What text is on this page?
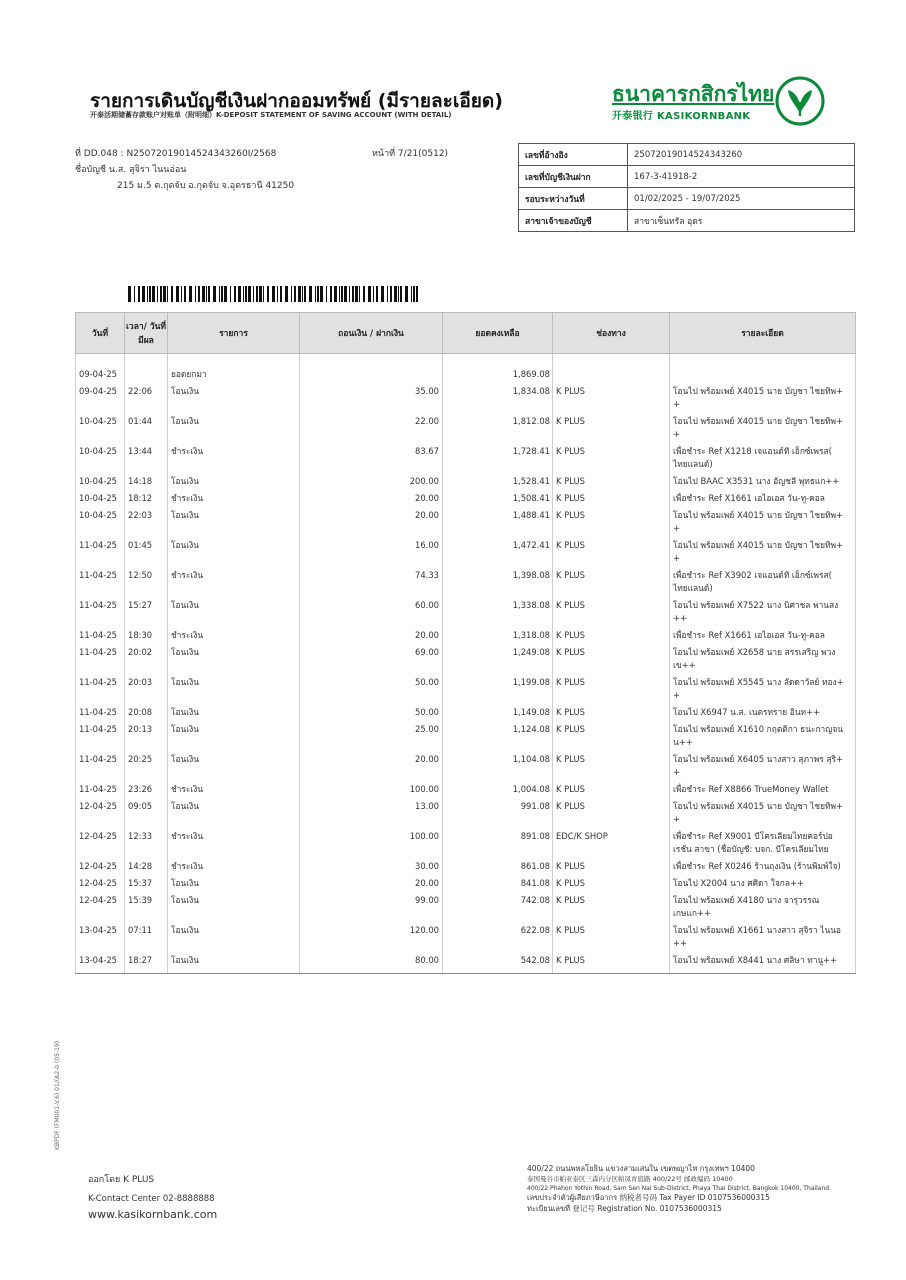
รายการเดินบัญชีเงินฝากออมทรัพย์ (มีรายละเอียด)
开泰活期储蓄存款账户对账单（附明细）K-DEPOSIT STATEMENT OF SAVING ACCOUNT (WITH DETAIL)
ธนาคารกสิกรไทย
开泰银行 KASIKORNBANK
ที่ DD.048 : N25072019014524343260I/2568	หน้าที่ 7/21(0512)
ชื่อบัญชี น.ส. สุจิรา ไนนอ่อน
215 ม.5 ต.กุดจับ อ.กุดจับ จ.อุดรธานี 41250
เลขที่อ้างอิง	25072019014524343260
เลขที่บัญชีเงินฝาก	167-3-41918-2
รอบระหว่างวันที่	01/02/2025 - 19/07/2025
สาขาเจ้าของบัญชี	สาขาเซ็นทรัล อุดร
วันที่	เวลา/ วันที่มีผล	รายการ	ถอนเงิน / ฝากเงิน	ยอดคงเหลือ	ช่องทาง	รายละเอียด
09-04-25		ยอดยกมา		1,869.08		
09-04-25	22:06	โอนเงิน	35.00	1,834.08	K PLUS	โอนไป พร้อมเพย์ X4015 นาย บัญชา ไชยทิพ+
+
10-04-25	01:44	โอนเงิน	22.00	1,812.08	K PLUS	โอนไป พร้อมเพย์ X4015 นาย บัญชา ไชยทิพ+
+
10-04-25	13:44	ชำระเงิน	83.67	1,728.41	K PLUS	เพื่อชำระ Ref X1218 เจแอนด์ที เอ็กซ์เพรส(
ไทยแลนด์)
10-04-25	14:18	โอนเงิน	200.00	1,528.41	K PLUS	โอนไป BAAC X3531 นาง อัญชลี พุทธแก++
10-04-25	18:12	ชำระเงิน	20.00	1,508.41	K PLUS	เพื่อชำระ Ref X1661 เอไอเอส วัน-ทู-คอล
10-04-25	22:03	โอนเงิน	20.00	1,488.41	K PLUS	โอนไป พร้อมเพย์ X4015 นาย บัญชา ไชยทิพ+
+
11-04-25	01:45	โอนเงิน	16.00	1,472.41	K PLUS	โอนไป พร้อมเพย์ X4015 นาย บัญชา ไชยทิพ+
+
11-04-25	12:50	ชำระเงิน	74.33	1,398.08	K PLUS	เพื่อชำระ Ref X3902 เจแอนด์ที เอ็กซ์เพรส(
ไทยแลนด์)
11-04-25	15:27	โอนเงิน	60.00	1,338.08	K PLUS	โอนไป พร้อมเพย์ X7522 นาง นิศาชล พานสง
++
11-04-25	18:30	ชำระเงิน	20.00	1,318.08	K PLUS	เพื่อชำระ Ref X1661 เอไอเอส วัน-ทู-คอล
11-04-25	20:02	โอนเงิน	69.00	1,249.08	K PLUS	โอนไป พร้อมเพย์ X2658 นาย สรรเสริญ พวง
เข++
11-04-25	20:03	โอนเงิน	50.00	1,199.08	K PLUS	โอนไป พร้อมเพย์ X5545 นาง ลัดดาวัลย์ ทอง+
+
11-04-25	20:08	โอนเงิน	50.00	1,149.08	K PLUS	โอนไป X6947 น.ส. เนตรทราย อินท++
11-04-25	20:13	โอนเงิน	25.00	1,124.08	K PLUS	โอนไป พร้อมเพย์ X1610 กฤตติกา ธนะกาญจน
น++
11-04-25	20:25	โอนเงิน	20.00	1,104.08	K PLUS	โอนไป พร้อมเพย์ X6405 นางสาว สุภาพร สุริ+
+
11-04-25	23:26	ชำระเงิน	100.00	1,004.08	K PLUS	เพื่อชำระ Ref X8866 TrueMoney Wallet
12-04-25	09:05	โอนเงิน	13.00	991.08	K PLUS	โอนไป พร้อมเพย์ X4015 นาย บัญชา ไชยทิพ+
+
12-04-25	12:33	ชำระเงิน	100.00	891.08	EDC/K SHOP	เพื่อชำระ Ref X9001 บีโครเลียมไทยคอร์ปอ
เรชั่น สาขา (ชื่อบัญชี: บจก. บีโครเลียมไทย
12-04-25	14:28	ชำระเงิน	30.00	861.08	K PLUS	เพื่อชำระ Ref X0246 ร้านถุงเงิน (ร้านพิมพ์ใจ)
12-04-25	15:37	โอนเงิน	20.00	841.08	K PLUS	โอนไป X2004 นาง ศศิดา ใจกล++
12-04-25	15:39	โอนเงิน	99.00	742.08	K PLUS	โอนไป พร้อมเพย์ X4180 นาง จารุวรรณ
เกษแก++
13-04-25	07:11	โอนเงิน	120.00	622.08	K PLUS	โอนไป พร้อมเพย์ X1661 นางสาว สุจิรา ไนนอ
++
13-04-25	18:27	โอนเงิน	80.00	542.08	K PLUS	โอนไป พร้อมเพย์ X8441 นาง ศลิษา ทานู++
KBPDF (FM001-V.6) 01/(A2-0 (05-19)
ออกโดย K PLUS
K-Contact Center 02-8888888
www.kasikornbank.com
400/22 ถนนพหลโยธิน แขวงสามเสนใน เขตพญาไท กรุงเทพฯ 10400
泰国曼谷市帕亚泰区三森内分区帕凤育庭路 400/22号 邮政编码 10400
400/22 Phahon Yothin Road, Sam Sen Nai Sub-District, Phaya Thai District, Bangkok 10400, Thailand.
เลขประจำตัวผู้เสียภาษีอากร 纳税者号码 Tax Payer ID 0107536000315
ทะเบียนเลขที่ 登记号 Registration No. 0107536000315
